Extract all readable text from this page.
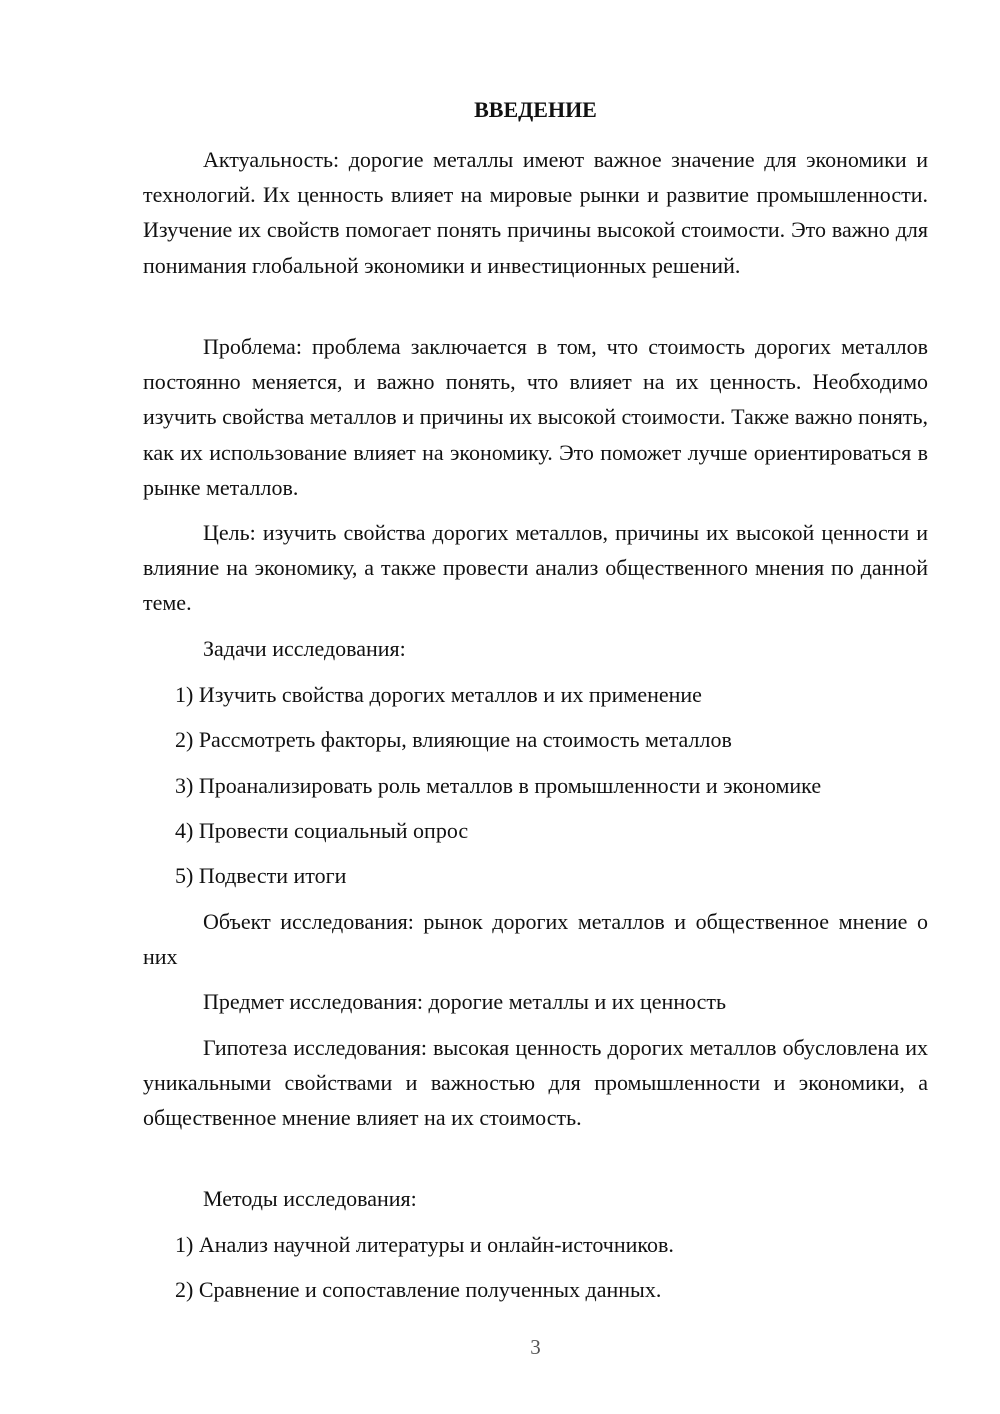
ВВЕДЕНИЕ

Актуальность: дорогие металлы имеют важное значение для экономики и технологий. Их ценность влияет на мировые рынки и развитие промышленности. Изучение их свойств помогает понять причины высокой стоимости. Это важно для понимания глобальной экономики и инвестиционных решений.

Проблема: проблема заключается в том, что стоимость дорогих металлов постоянно меняется, и важно понять, что влияет на их ценность. Необходимо изучить свойства металлов и причины их высокой стоимости. Также важно понять, как их использование влияет на экономику. Это поможет лучше ориентироваться в рынке металлов.

Цель: изучить свойства дорогих металлов, причины их высокой ценности и влияние на экономику, а также провести анализ общественного мнения по данной теме.

Задачи исследования:

1) Изучить свойства дорогих металлов и их применение
2) Рассмотреть факторы, влияющие на стоимость металлов
3) Проанализировать роль металлов в промышленности и экономике
4) Провести социальный опрос
5) Подвести итоги

Объект исследования: рынок дорогих металлов и общественное мнение о них

Предмет исследования: дорогие металлы и их ценность

Гипотеза исследования: высокая ценность дорогих металлов обусловлена их уникальными свойствами и важностью для промышленности и экономики, а общественное мнение влияет на их стоимость.

Методы исследования:

1) Анализ научной литературы и онлайн-источников.
2) Сравнение и сопоставление полученных данных.
3
